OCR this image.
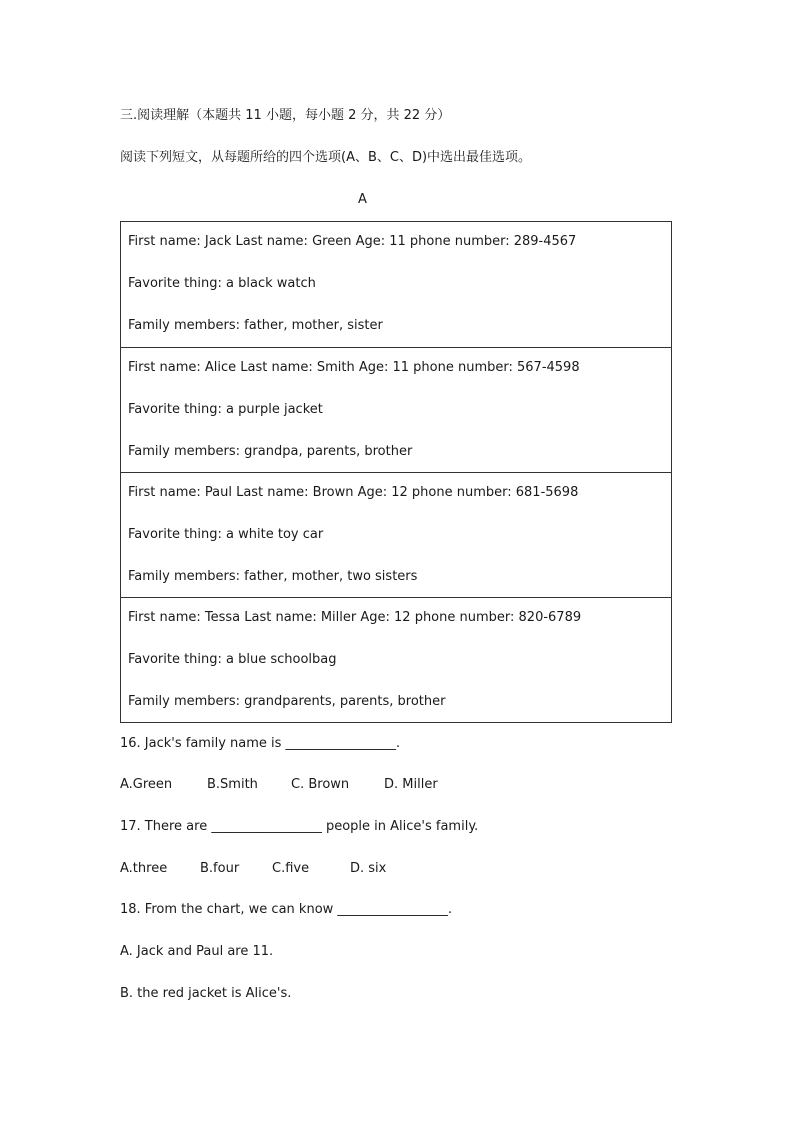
三.阅读理解（本题共 11 小题，每小题 2 分，共 22 分）
阅读下列短文，从每题所给的四个选项(A、B、C、D)中选出最佳选项。
A
First name: Jack Last name: Green Age: 11 phone number: 289-4567
Favorite thing: a black watch
Family members: father, mother, sister
First name: Alice Last name: Smith Age: 11 phone number: 567-4598
Favorite thing: a purple jacket
Family members: grandpa, parents, brother
First name: Paul Last name: Brown Age: 12 phone number: 681-5698
Favorite thing: a white toy car
Family members: father, mother, two sisters
First name: Tessa Last name: Miller Age: 12 phone number: 820-6789
Favorite thing: a blue schoolbag
Family members: grandparents, parents, brother
16. Jack's family name is _________________.
A.Green	B.Smith	C. Brown	D. Miller
17. There are _________________ people in Alice's family.
A.three	B.four	C.five	D. six
18. From the chart, we can know _________________.
A. Jack and Paul are 11.
B. the red jacket is Alice's.
